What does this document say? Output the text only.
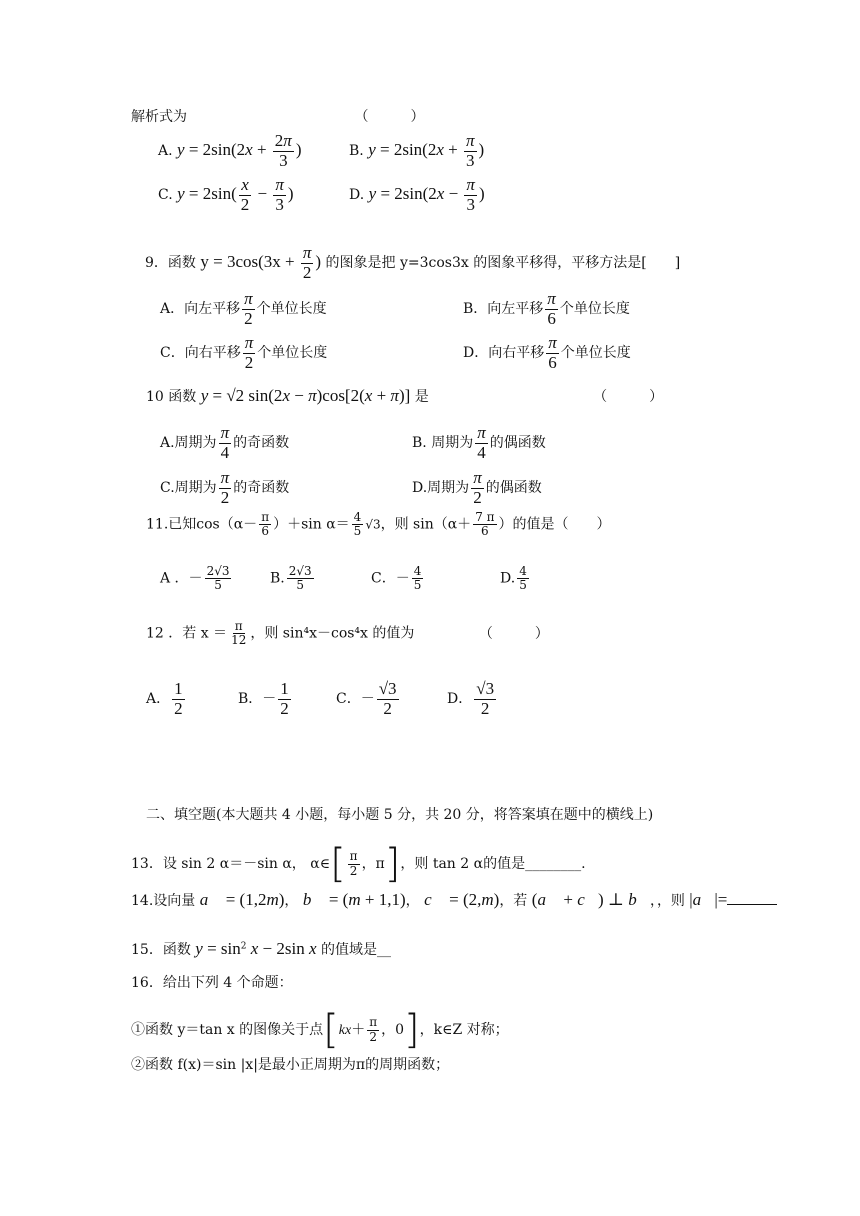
解析式为	（　　　）
A. $y = 2\sin(2x + \frac{2\pi}{3}$ )	B. $y = 2\sin(2x + \frac{\pi}{3}$ )
C. $y = 2\sin( \frac{x}{2} - \frac{\pi}{3}$ )	D. $y = 2\sin(2x - \frac{\pi}{3}$ )
9．函数 $y = 3\cos(3x + \frac{\pi}{2}$ ) 的图象是把 y=3cos3x 的图象平移得，平移方法是[　　]
A．向左平移 $\frac{\pi}{2}$ 个单位长度	B．向左平移 $\frac{\pi}{6}$ 个单位长度
C．向右平移 $\frac{\pi}{2}$ 个单位长度	D．向右平移 $\frac{\pi}{6}$ 个单位长度
10 函数 y = √2 sin(2x − π)cos[2(x + π)] 是	（　　　）
A.周期为 $\frac{\pi}{4}$ 的奇函数	B. 周期为 $\frac{\pi}{4}$ 的偶函数
C.周期为 $\frac{\pi}{2}$ 的奇函数	D.周期为 $\frac{\pi}{2}$ 的偶函数
11.已知$\cos(\alpha- \frac{\pi}{6} )+\sin$ $\alpha= \frac{4}{5} √3$，则 $\sin(\alpha+ \frac{7 \pi}{6}$ ）的值是（　　）
A ．－ $\frac{2√3}{5}$	B. $\frac{2√3}{5}$	C．－ $\frac{4}{5}$	D. $\frac{4}{5}$
12 ．若 $x = \frac{\pi}{12}$ ，则 sin⁴x－cos⁴x 的值为	（　　　）
A． $\frac{1}{2}$	B．－ $\frac{1}{2}$	C．－ $\frac{√3}{2}$	D． $\frac{√3}{2}$
二、填空题(本大题共 4 小题，每小题 5 分，共 20 分，将答案填在题中的横线上)
13．设 sin 2 α＝－sin α， α∈[ $\frac{\pi}{2}$ ，π]，则 tan 2 α的值是________.
14.设向量 a⃗ = (1,2m)， b⃗ = (m + 1,1)， c⃗ = (2,m)，若 (a⃗ + c⃗) ⊥ b⃗，，则 |a⃗|=
15．函数 $y = \sin^2 x - 2\sin$ x 的值域是__
16．给出下列 4 个命题：
①函数 y＝tan x 的图像关于点[$kx+ \frac{\pi}{2}$ ，0]，k∈Z 对称；
②函数 f(x)＝sin |x|是最小正周期为π的周期函数；
